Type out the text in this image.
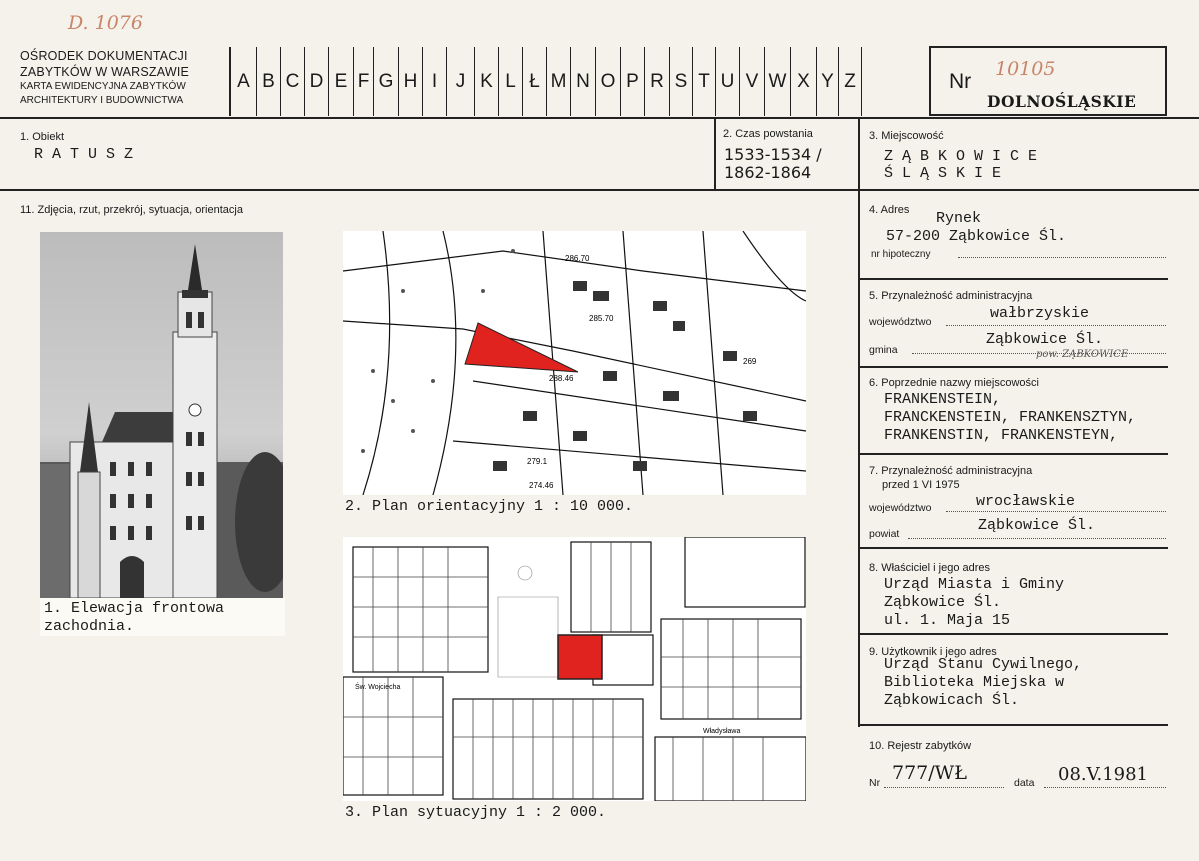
D. 1076
OŚRODEK DOKUMENTACJI
ZABYTKÓW W WARSZAWIE
KARTA EWIDENCYJNA ZABYTKÓW
ARCHITEKTURY I BUDOWNICTWA
A B C D E F G H I J K L Ł M N O P R S T U V W X Y Z	Nr
10105
DOLNOŚLĄSKIE
1. Obiekt
RATUSZ
2. Czas powstania
1533-1534 /
1862-1864
3. Miejscowość
ZĄBKOWICE
ŚLĄSKIE
11. Zdjęcia, rzut, przekrój, sytuacja, orientacja
1. Elewacja frontowa
zachodnia.
286.70
285.70
288.46
269
279.1
274.46
2. Plan orientacyjny 1 : 10 000.
Św. Wojciecha
Władysława
3. Plan sytuacyjny 1 : 2 000.
4. Adres Rynek
57-200 Ząbkowice Śl.
nr hipoteczny
5. Przynależność administracyjna
województwo	wałbrzyskie
gmina
Ząbkowice Śl.
pow. ZĄBKOWICE
6. Poprzednie nazwy miejscowości
FRANKENSTEIN,
FRANCKENSTEIN, FRANKENSZTYN,
FRANKENSTIN, FRANKENSTEYN,
7. Przynależność administracyjna
przed 1 VI 1975
województwo	wrocławskie
powiat	Ząbkowice Śl.
8. Właściciel i jego adres
Urząd Miasta i Gminy
Ząbkowice Śl.
ul. 1. Maja 15
9. Użytkownik i jego adres
Urząd Stanu Cywilnego,
Biblioteka Miejska w
Ząbkowicach Śl.
10. Rejestr zabytków
Nr 777/WŁ	data 08.V.1981
